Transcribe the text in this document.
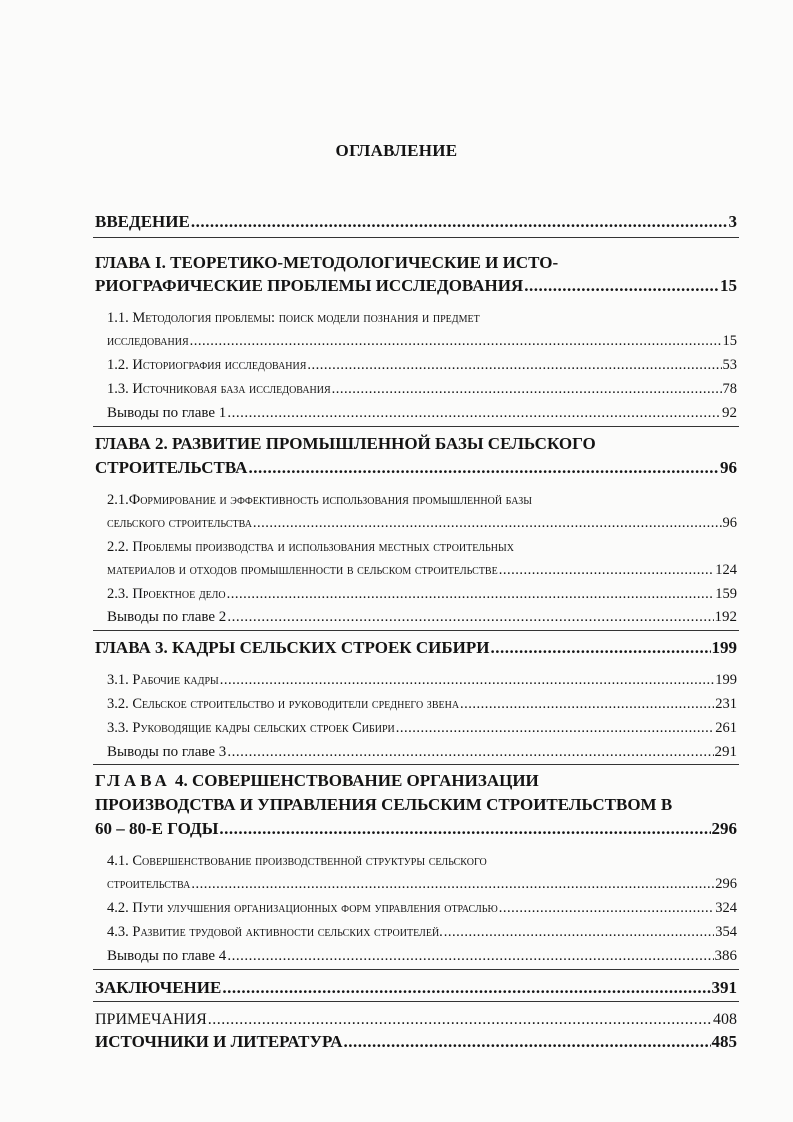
ОГЛАВЛЕНИЕ
ВВЕДЕНИЕ .....	3
ГЛАВА I. ТЕОРЕТИКО-МЕТОДОЛОГИЧЕСКИЕ И ИСТО-
РИОГРАФИЧЕСКИЕ ПРОБЛЕМЫ ИССЛЕДОВАНИЯ .....	15
1.1. Методология проблемы: поиск модели познания и предмет
исследования .....	15
1.2. Историография исследования .....	53
1.3. Источниковая база исследования .....	78
Выводы по главе 1 .....	92
ГЛАВА 2. РАЗВИТИЕ ПРОМЫШЛЕННОЙ БАЗЫ СЕЛЬСКОГО
СТРОИТЕЛЬСТВА .....	96
2.1.Формирование и эффективность использования промышленной базы
сельского строительства .....	96
2.2. Проблемы производства и использования местных строительных
материалов и отходов промышленности в сельском строительстве .....	124
2.3. Проектное дело .....	159
Выводы по главе 2 .....	192
ГЛАВА 3. КАДРЫ СЕЛЬСКИХ СТРОЕК СИБИРИ .....	199
3.1. Рабочие кадры .....	199
3.2. Сельское строительство и руководители среднего звена .....	231
3.3. Руководящие кадры сельских строек Сибири .....	261
Выводы по главе 3 .....	291
ГЛАВА 4. СОВЕРШЕНСТВОВАНИЕ ОРГАНИЗАЦИИ
ПРОИЗВОДСТВА И УПРАВЛЕНИЯ СЕЛЬСКИМ СТРОИТЕЛЬСТВОМ В
60 – 80-Е ГОДЫ .....	296
4.1. Совершенствование производственной структуры сельского
строительства .....	296
4.2. Пути улучшения организационных форм управления отраслью .....	324
4.3. Развитие трудовой активности сельских строителей. .....	354
Выводы по главе 4 .....	386
ЗАКЛЮЧЕНИЕ .....	391
ПРИМЕЧАНИЯ .....	408
ИСТОЧНИКИ И ЛИТЕРАТУРА .....	485
